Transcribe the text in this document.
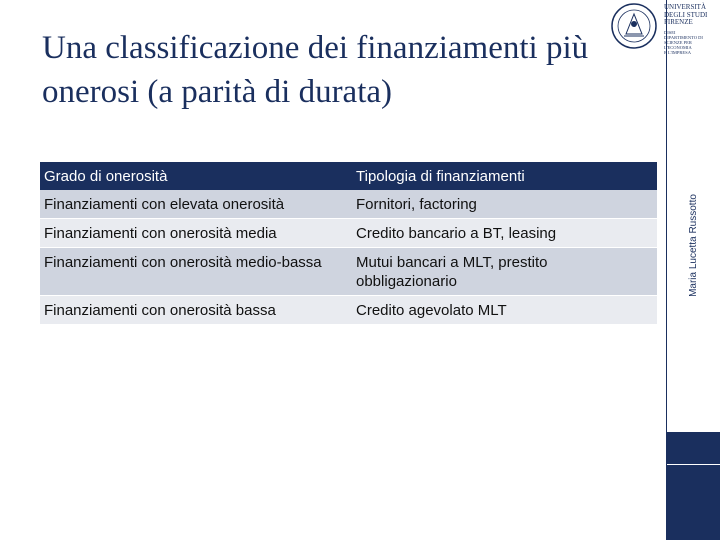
Una classificazione dei finanziamenti più
onerosi (a parità di durata)
Grado di onerosità	Tipologia di finanziamenti
Finanziamenti con elevata onerosità	Fornitori, factoring
Finanziamenti con onerosità media	Credito bancario a BT, leasing
Finanziamenti con onerosità medio-bassa	Mutui bancari a MLT, prestito obbligazionario
Finanziamenti con onerosità bassa	Credito agevolato MLT
UNIVERSITÀ
DEGLI STUDI
FIRENZE
DISEI
DIPARTIMENTO DI
SCIENZE PER L'ECONOMIA
E L'IMPRESA
Maria Lucetta Russotto
